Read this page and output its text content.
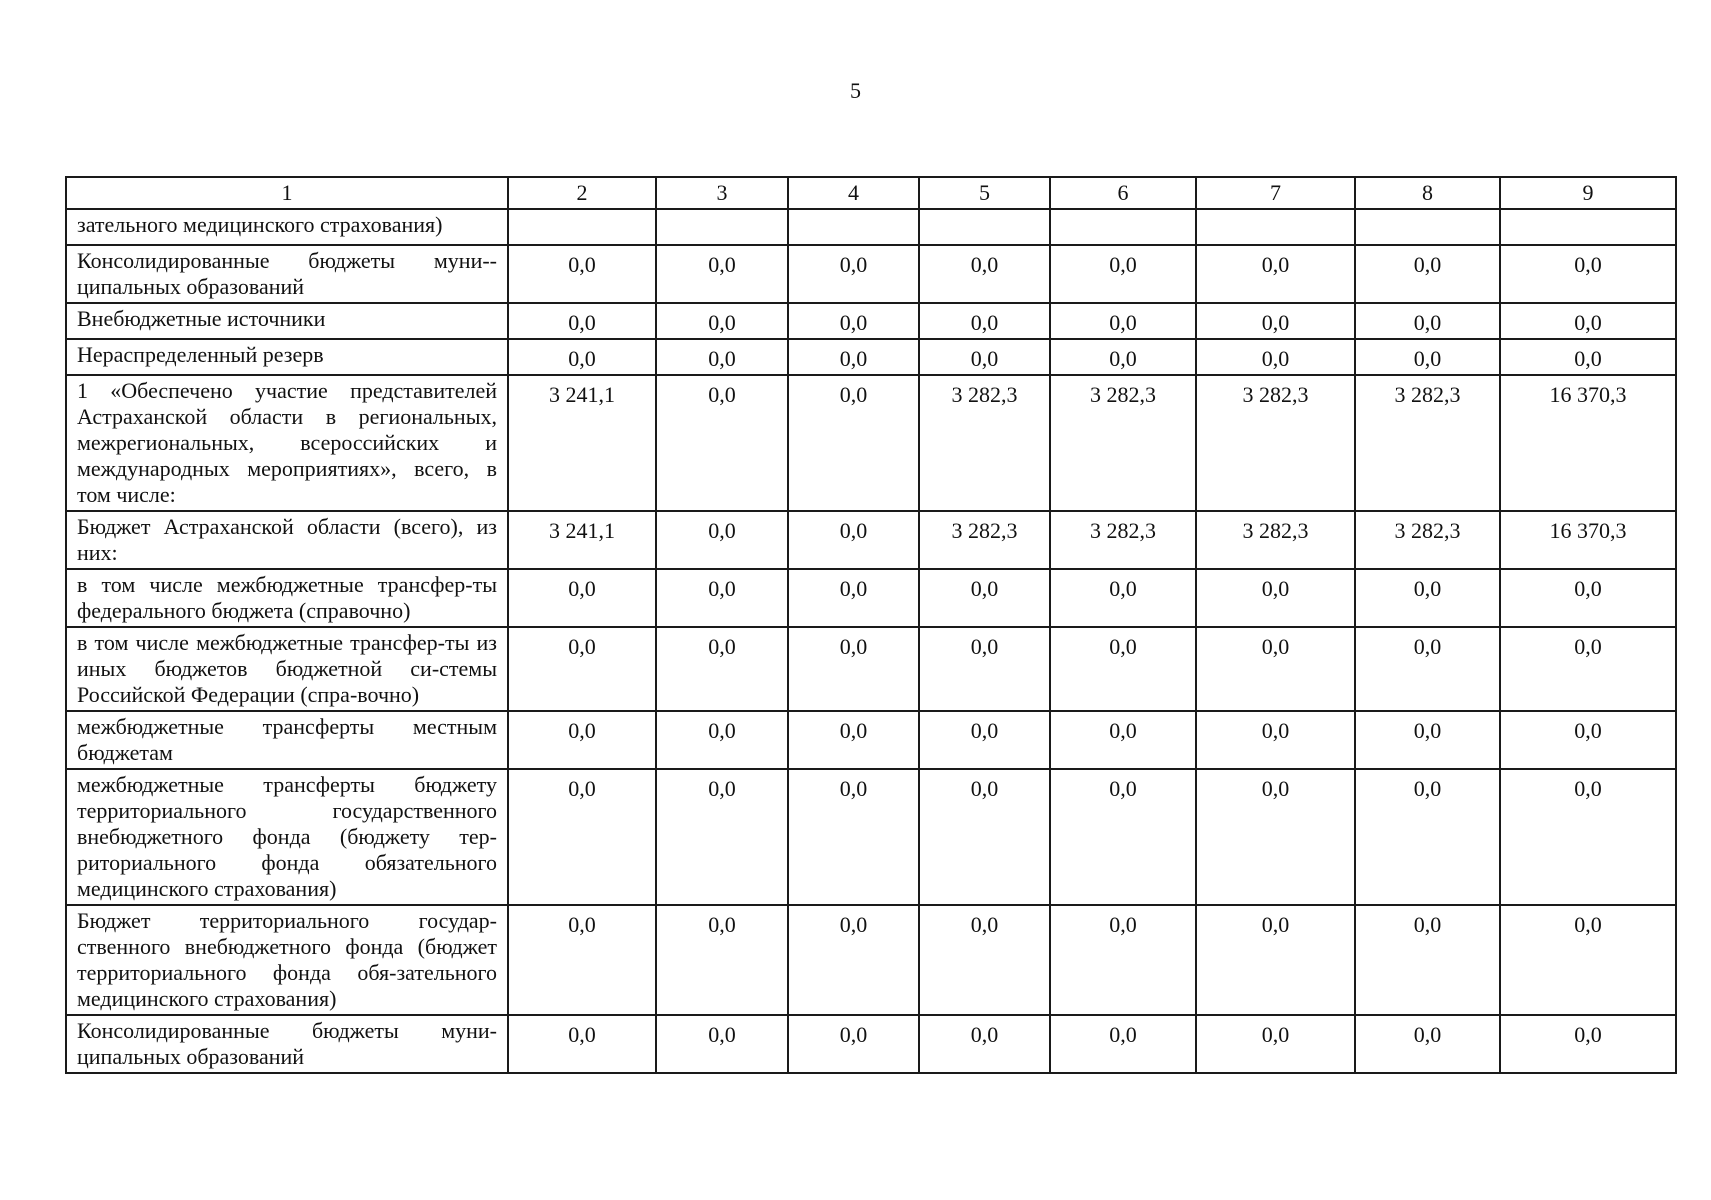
5
1	2	3	4	5	6	7	8	9
зательного медицинского страхования)								
Консолидированные бюджеты муни-ципальных образований	0,0	0,0	0,0	0,0	0,0	0,0	0,0	0,0
Внебюджетные источники	0,0	0,0	0,0	0,0	0,0	0,0	0,0	0,0
Нераспределенный резерв	0,0	0,0	0,0	0,0	0,0	0,0	0,0	0,0
1 «Обеспечено участие представителей Астраханской области в региональных, межрегиональных, всероссийских и международных мероприятиях», всего, в том числе:	3 241,1	0,0	0,0	3 282,3	3 282,3	3 282,3	3 282,3	16 370,3
Бюджет Астраханской области (всего), из них:	3 241,1	0,0	0,0	3 282,3	3 282,3	3 282,3	3 282,3	16 370,3
в том числе межбюджетные трансфер-ты федерального бюджета (справочно)	0,0	0,0	0,0	0,0	0,0	0,0	0,0	0,0
в том числе межбюджетные трансфер-ты из иных бюджетов бюджетной си-стемы Российской Федерации (спра-вочно)	0,0	0,0	0,0	0,0	0,0	0,0	0,0	0,0
межбюджетные трансферты местным бюджетам	0,0	0,0	0,0	0,0	0,0	0,0	0,0	0,0
межбюджетные трансферты бюджету территориального государственного внебюджетного фонда (бюджету тер-риториального фонда обязательного медицинского страхования)	0,0	0,0	0,0	0,0	0,0	0,0	0,0	0,0
Бюджет территориального государ-ственного внебюджетного фонда (бюджет территориального фонда обя-зательного медицинского страхования)	0,0	0,0	0,0	0,0	0,0	0,0	0,0	0,0
Консолидированные бюджеты муни-ципальных образований	0,0	0,0	0,0	0,0	0,0	0,0	0,0	0,0
